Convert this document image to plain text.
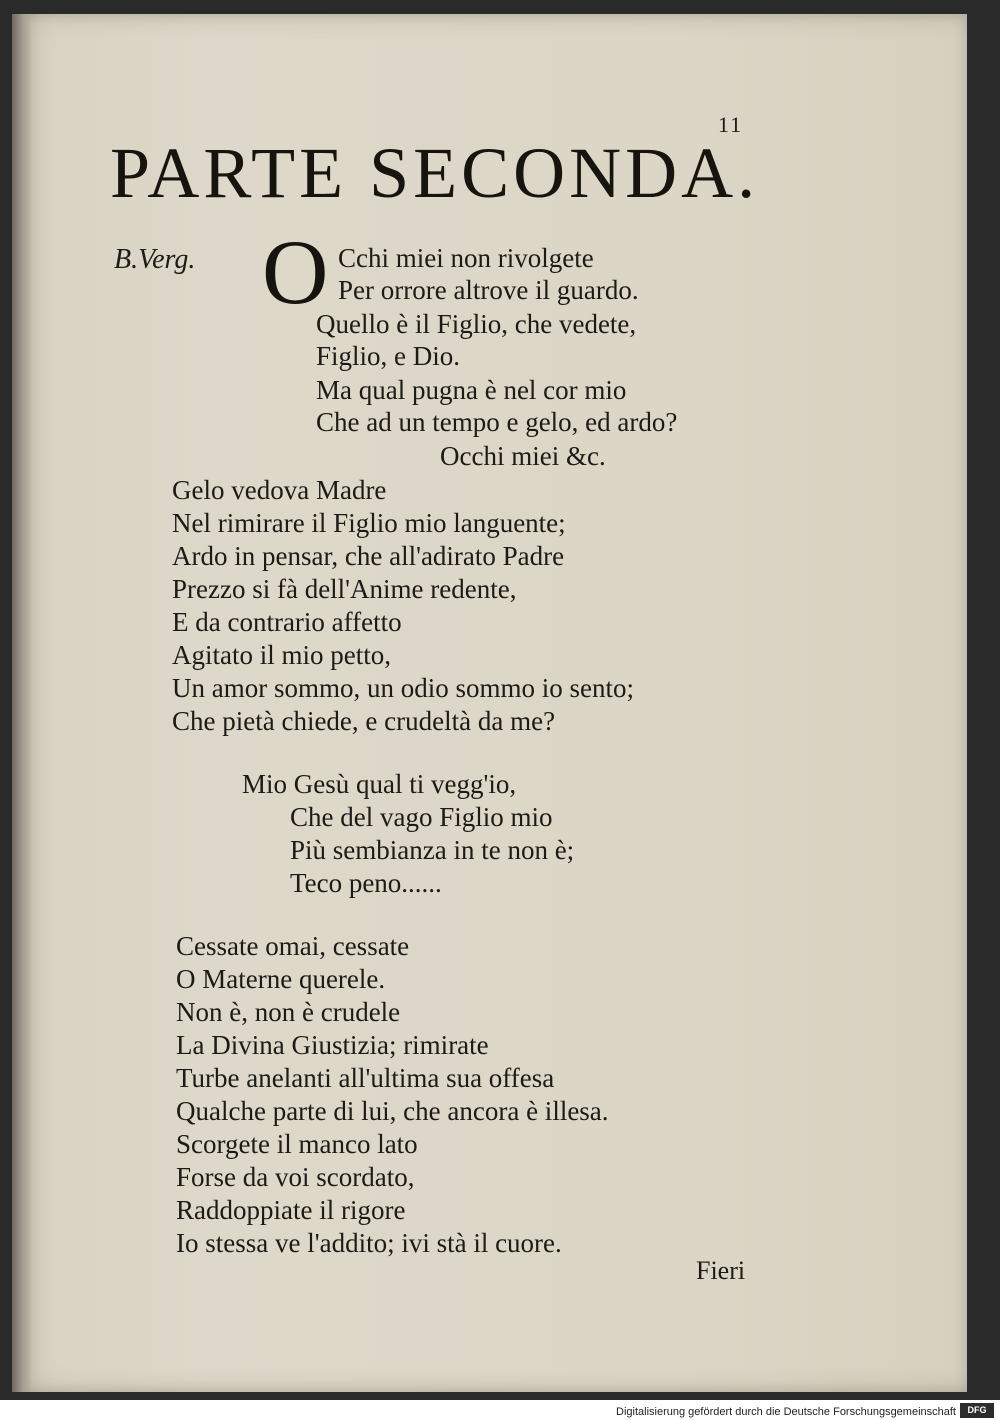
11
PARTE SECONDA.
B.Verg. O Cchi miei non rivolgete
Per orrore altrove il guardo.
Quello è il Figlio, che vedete,
Figlio, e Dio.
Ma qual pugna è nel cor mio
Che ad un tempo e gelo, ed ardo?
Occhi miei &c.
Gelo vedova Madre
Nel rimirare il Figlio mio languente;
Ardo in pensar, che all'adirato Padre
Prezzo si fà dell'Anime redente,
E da contrario affetto
Agitato il mio petto,
Un amor sommo, un odio sommo io sento;
Che pietà chiede, e crudeltà da me?
Mio Gesù qual ti vegg'io,
Che del vago Figlio mio
Più sembianza in te non è;
Teco peno......
Cessate omai, cessate
O Materne querele.
Non è, non è crudele
La Divina Giustizia; rimirate
Turbe anelanti all'ultima sua offesa
Qualche parte di lui, che ancora è illesa.
Scorgete il manco lato
Forse da voi scordato,
Raddoppiate il rigore
Io stessa ve l'addito; ivi stà il cuore.
Fieri
Digitalisierung gefördert durch die Deutsche Forschungsgemeinschaft	DFG
